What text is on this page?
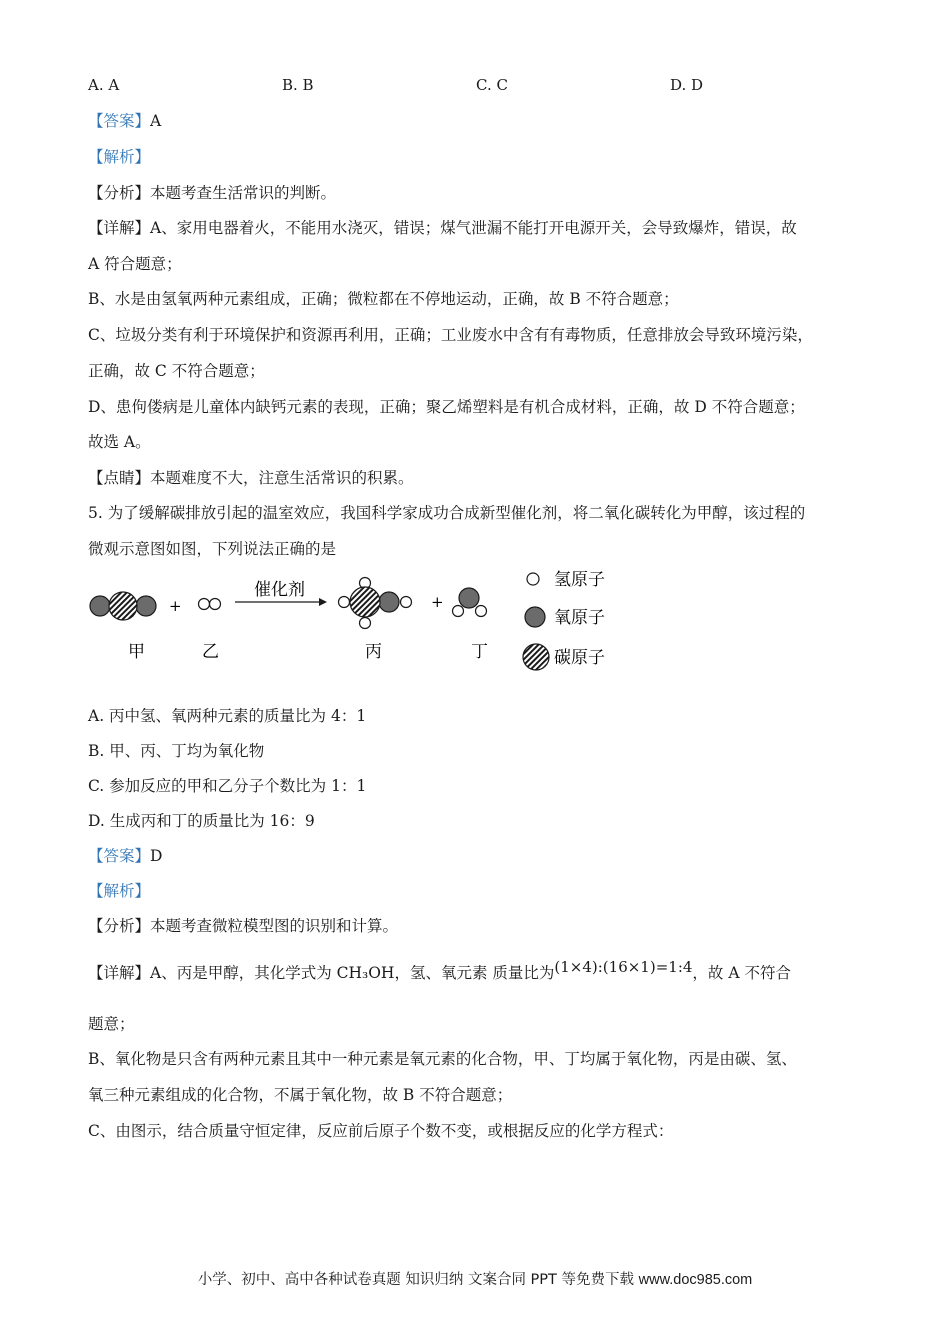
A. A	B. B	C. C	D. D
【答案】A
【解析】
【分析】本题考查生活常识的判断。
【详解】A、家用电器着火，不能用水浇灭，错误；煤气泄漏不能打开电源开关，会导致爆炸，错误，故
A 符合题意；
B、水是由氢氧两种元素组成，正确；微粒都在不停地运动，正确，故 B 不符合题意；
C、垃圾分类有利于环境保护和资源再利用，正确；工业废水中含有有毒物质，任意排放会导致环境污染，
正确，故 C 不符合题意；
D、患佝偻病是儿童体内缺钙元素的表现，正确；聚乙烯塑料是有机合成材料，正确，故 D 不符合题意；
故选 A。
【点睛】本题难度不大，注意生活常识的积累。
5. 为了缓解碳排放引起的温室效应，我国科学家成功合成新型催化剂，将二氧化碳转化为甲醇，该过程的
微观示意图如图，下列说法正确的是
+
催化剂
+
甲	乙	丙	丁
氢原子
氧原子
碳原子
A. 丙中氢、氧两种元素的质量比为 4：1
B. 甲、丙、丁均为氧化物
C. 参加反应的甲和乙分子个数比为 1：1
D. 生成丙和丁的质量比为 16：9
【答案】D
【解析】
【分析】本题考查微粒模型图的识别和计算。
【详解】A、丙是甲醇，其化学式为 CH₃OH，氢、氧元素 质量比为(1×4):(16×1)=1:4，故 A 不符合
题意；
B、氧化物是只含有两种元素且其中一种元素是氧元素的化合物，甲、丁均属于氧化物，丙是由碳、氢、
氧三种元素组成的化合物，不属于氧化物，故 B 不符合题意；
C、由图示，结合质量守恒定律，反应前后原子个数不变，或根据反应的化学方程式：
小学、初中、高中各种试卷真题 知识归纳 文案合同 PPT 等免费下载 www.doc985.com
